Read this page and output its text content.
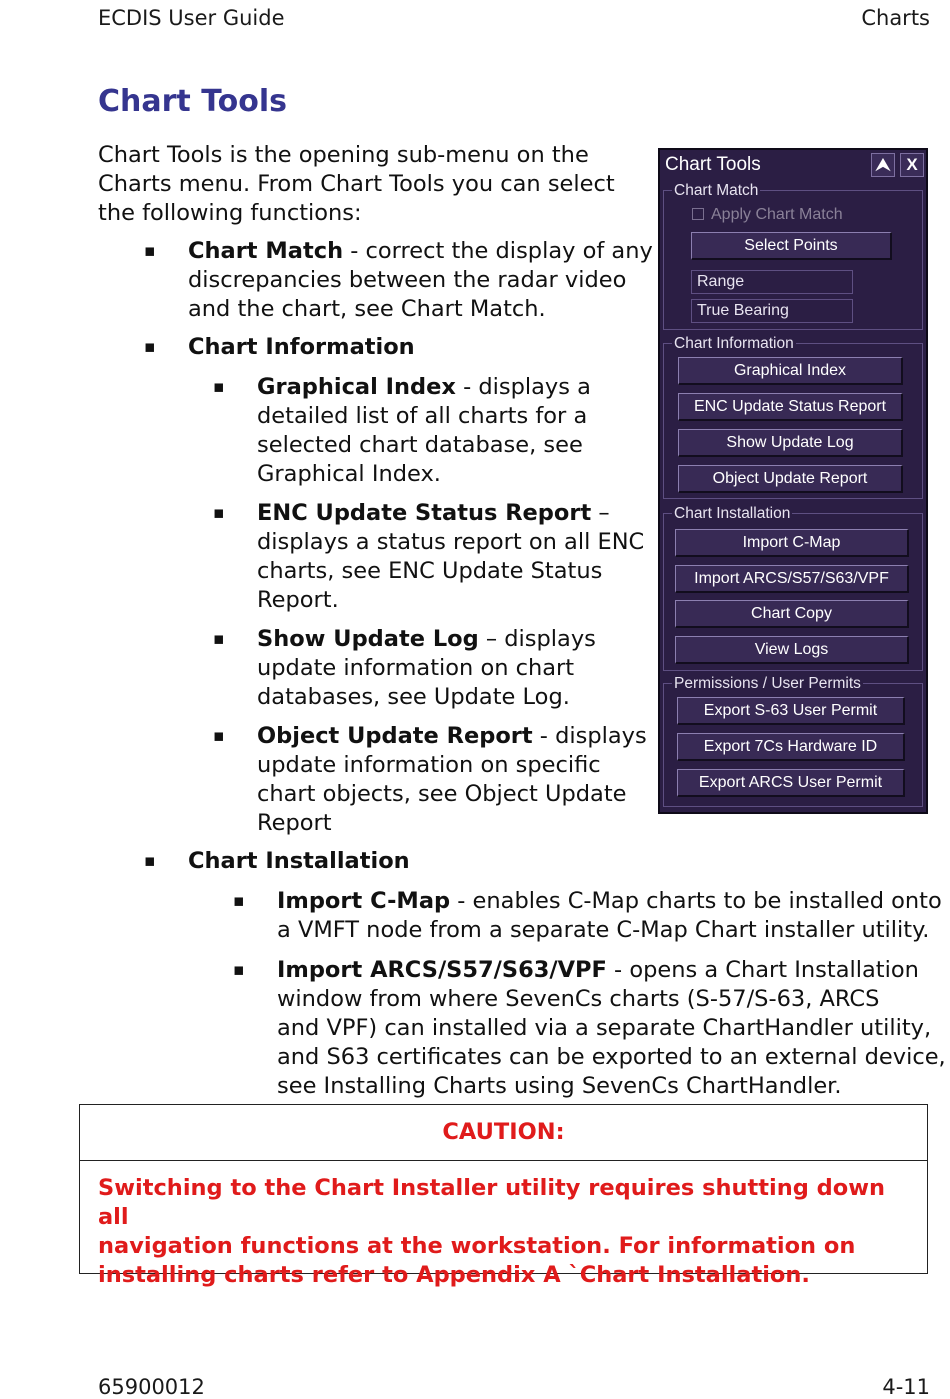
ECDIS User Guide	Charts
Chart Tools
Chart Tools is the opening sub-menu on the
Charts menu. From Chart Tools you can select
the following functions:
▪ Chart Match - correct the display of any
discrepancies between the radar video
and the chart, see Chart Match.
▪ Chart Information
▪ Graphical Index - displays a
detailed list of all charts for a
selected chart database, see
Graphical Index.
▪ ENC Update Status Report –
displays a status report on all ENC
charts, see ENC Update Status
Report.
▪ Show Update Log – displays
update information on chart
databases, see Update Log.
▪ Object Update Report - displays
update information on specific
chart objects, see Object Update
Report
▪ Chart Installation
▪ Import C-Map - enables C-Map charts to be installed onto
a VMFT node from a separate C-Map Chart installer utility.
▪ Import ARCS/S57/S63/VPF - opens a Chart Installation
window from where SevenCs charts (S-57/S-63, ARCS
and VPF) can installed via a separate ChartHandler utility,
and S63 certificates can be exported to an external device,
see Installing Charts using SevenCs ChartHandler.
Chart Tools	⮝ X
Chart Match
Apply Chart Match
Select Points
Range
True Bearing
Chart Information
Graphical Index
ENC Update Status Report
Show Update Log
Object Update Report
Chart Installation
Import C-Map
Import ARCS/S57/S63/VPF
Chart Copy
View Logs
Permissions / User Permits
Export S-63 User Permit
Export 7Cs Hardware ID
Export ARCS User Permit
CAUTION:
Switching to the Chart Installer utility requires shutting down all
navigation functions at the workstation. For information on
installing charts refer to Appendix A `Chart Installation.
65900012	4-11
